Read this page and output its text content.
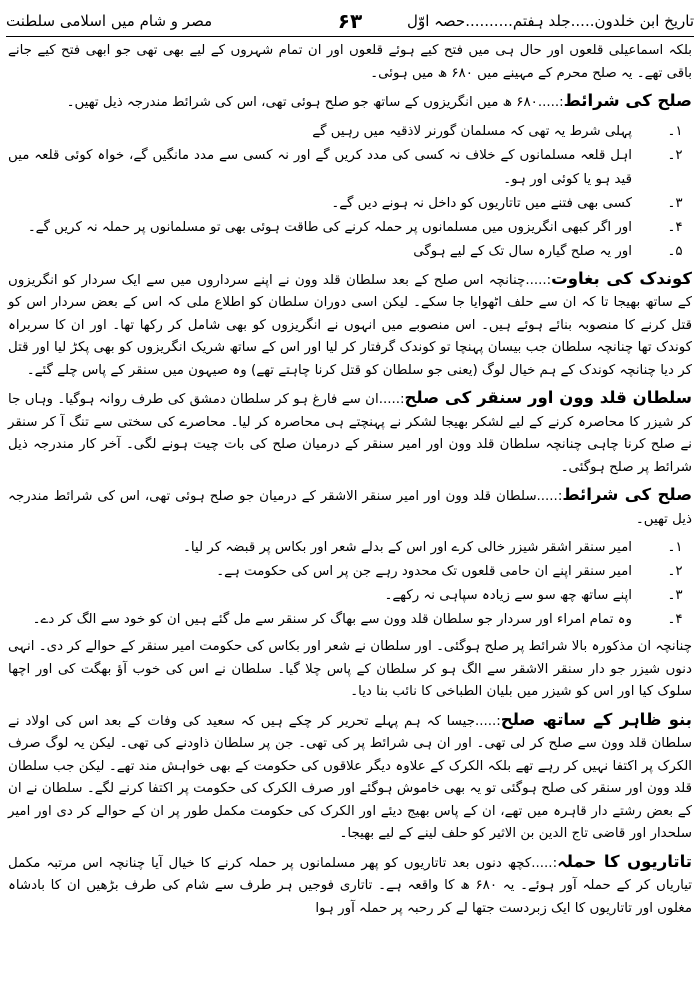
تاریخ ابن خلدون.....جلد ہفتم..........حصہ اوّل
۶۳
مصر و شام میں اسلامی سلطنت

بلکہ اسماعیلی قلعوں اور حال ہی میں فتح کیے ہوئے قلعوں اور ان تمام شہروں کے لیے بھی تھی جو ابھی فتح کیے جانے باقی تھے۔ یہ صلح محرم کے مہینے میں ۶۸۰ ھ میں ہوئی۔

صلح کی شرائط:.....۶۸۰ ھ میں انگریزوں کے ساتھ جو صلح ہوئی تھی، اس کی شرائط مندرجہ ذیل تھیں۔

۱۔
پہلی شرط یہ تھی کہ مسلمان گورنر لاذقیہ میں رہیں گے
۲۔
اہل قلعہ مسلمانوں کے خلاف نہ کسی کی مدد کریں گے اور نہ کسی سے مدد مانگیں گے، خواہ کوئی قلعہ میں قید ہو یا کوئی اور ہو۔
۳۔
کسی بھی فتنے میں تاتاریوں کو داخل نہ ہونے دیں گے۔
۴۔
اور اگر کبھی انگریزوں میں مسلمانوں پر حملہ کرنے کی طاقت ہوئی بھی تو مسلمانوں پر حملہ نہ کریں گے۔
۵۔
اور یہ صلح گیارہ سال تک کے لیے ہوگی

کوندک کی بغاوت:.....چنانچہ اس صلح کے بعد سلطان قلد وون نے اپنے سرداروں میں سے ایک سردار کو انگریزوں کے ساتھ بھیجا تا کہ ان سے حلف اٹھوایا جا سکے۔ لیکن اسی دوران سلطان کو اطلاع ملی کہ اس کے بعض سردار اس کو قتل کرنے کا منصوبہ بنائے ہوئے ہیں۔ اس منصوبے میں انہوں نے انگریزوں کو بھی شامل کر رکھا تھا۔ اور ان کا سربراہ کوندک تھا چنانچہ سلطان جب بیسان پہنچا تو کوندک گرفتار کر لیا اور اس کے ساتھ شریک انگریزوں کو بھی پکڑ لیا اور قتل کر دیا چنانچہ کوندک کے ہم خیال لوگ (یعنی جو سلطان کو قتل کرنا چاہتے تھے) وہ صیہون میں سنقر کے پاس چلے گئے۔

سلطان قلد وون اور سنقر کی صلح:.....ان سے فارغ ہو کر سلطان دمشق کی طرف روانہ ہوگیا۔ وہاں جا کر شیزر کا محاصرہ کرنے کے لیے لشکر بھیجا لشکر نے پہنچتے ہی محاصرہ کر لیا۔ محاصرے کی سختی سے تنگ آ کر سنقر نے صلح کرنا چاہی چنانچہ سلطان قلد وون اور امیر سنقر کے درمیان صلح کی بات چیت ہونے لگی۔ آخر کار مندرجہ ذیل شرائط پر صلح ہوگئی۔

صلح کی شرائط:.....سلطان قلد وون اور امیر سنقر الاشقر کے درمیان جو صلح ہوئی تھی، اس کی شرائط مندرجہ ذیل تھیں۔

۱۔
امیر سنقر اشقر شیزر خالی کرے اور اس کے بدلے شعر اور بکاس پر قبضہ کر لیا۔
۲۔
امیر سنقر اپنے ان حامی قلعوں تک محدود رہے جن پر اس کی حکومت ہے۔
۳۔
اپنے ساتھ چھ سو سے زیادہ سپاہی نہ رکھے۔
۴۔
وہ تمام امراء اور سردار جو سلطان قلد وون سے بھاگ کر سنقر سے مل گئے ہیں ان کو خود سے الگ کر دے۔

چنانچہ ان مذکورہ بالا شرائط پر صلح ہوگئی۔ اور سلطان نے شعر اور بکاس کی حکومت امیر سنقر کے حوالے کر دی۔ انہی دنوں شیزر جو دار سنقر الاشقر سے الگ ہو کر سلطان کے پاس چلا گیا۔ سلطان نے اس کی خوب آؤ بھگت کی اور اچھا سلوک کیا اور اس کو شیزر میں بلیان الطباخی کا نائب بنا دیا۔

بنو ظاہر کے ساتھ صلح:.....جیسا کہ ہم پہلے تحریر کر چکے ہیں کہ سعید کی وفات کے بعد اس کی اولاد نے سلطان قلد وون سے صلح کر لی تھی۔ اور ان ہی شرائط پر کی تھی۔ جن پر سلطان ذاودنے کی تھی۔ لیکن یہ لوگ صرف الکرک پر اکتفا نہیں کر رہے تھے بلکہ الکرک کے علاوہ دیگر علاقوں کی حکومت کے بھی خواہش مند تھے۔ لیکن جب سلطان قلد وون اور سنقر کی صلح ہوگئی تو یہ بھی خاموش ہوگئے اور صرف الکرک کی حکومت پر اکتفا کرنے لگے۔ سلطان نے ان کے بعض رشتے دار قاہرہ میں تھے، ان کے پاس بھیج دیئے اور الکرک کی حکومت مکمل طور پر ان کے حوالے کر دی اور امیر سلحدار اور قاضی تاج الدین بن الاثیر کو حلف لینے کے لیے بھیجا۔

تاتاریوں کا حملہ:.....کچھ دنوں بعد تاتاریوں کو پھر مسلمانوں پر حملہ کرنے کا خیال آیا چنانچہ اس مرتبہ مکمل تیاریاں کر کے حملہ آور ہوئے۔ یہ ۶۸۰ ھ کا واقعہ ہے۔ تاتاری فوجیں ہر طرف سے شام کی طرف بڑھیں ان کا بادشاہ مغلوں اور تاتاریوں کا ایک زبردست جتھا لے کر رحبہ پر حملہ آور ہوا
